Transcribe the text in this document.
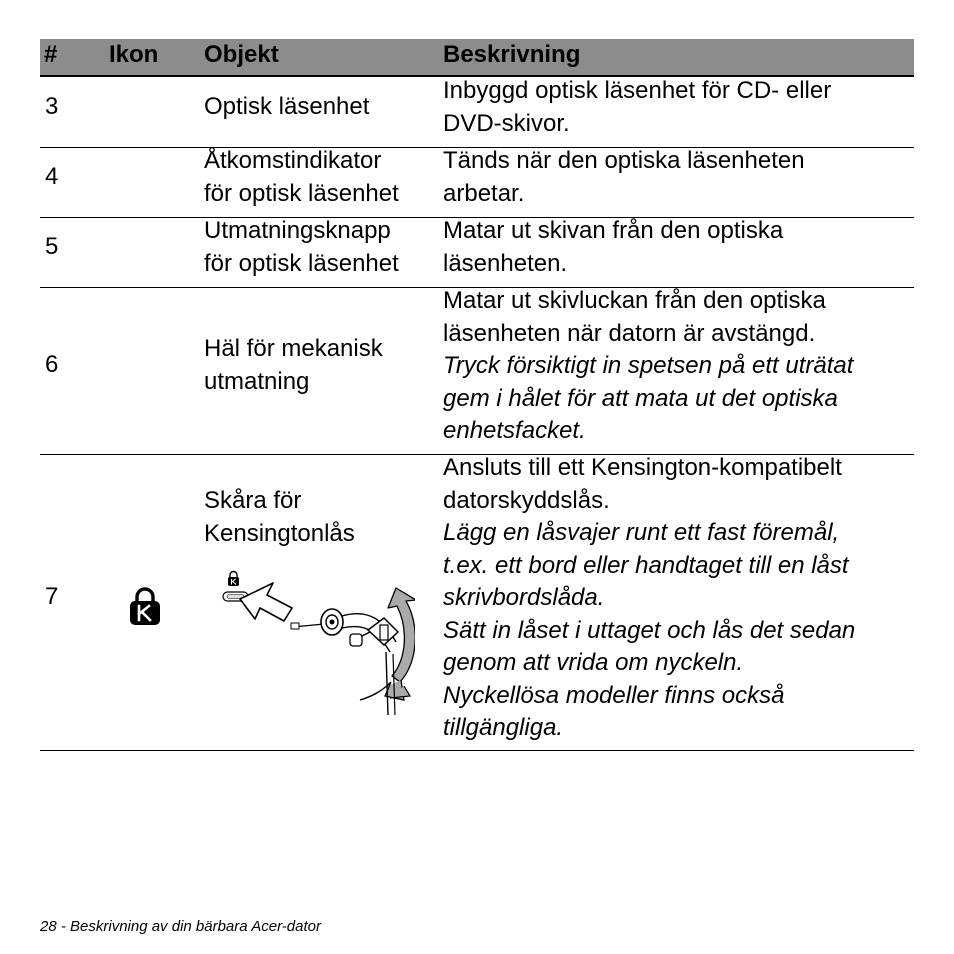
# Ikon Objekt	Beskrivning
3	Optisk läsenhet
Inbyggd optisk läsenhet för CD- eller
DVD-skivor.
4
Åtkomstindikator
för optisk läsenhet
Tänds när den optiska läsenheten
arbetar.
5
Utmatningsknapp
för optisk läsenhet
Matar ut skivan från den optiska
läsenheten.
6
Häl för mekanisk
utmatning
Matar ut skivluckan från den optiska
läsenheten när datorn är avstängd.
Tryck försiktigt in spetsen på ett uträtat
gem i hålet för att mata ut det optiska
enhetsfacket.
7
Skåra för
Kensingtonlås
Ansluts till ett Kensington-kompatibelt
datorskyddslås.
Lägg en låsvajer runt ett fast föremål,
t.ex. ett bord eller handtaget till en låst
skrivbordslåda.
Sätt in låset i uttaget och lås det sedan
genom att vrida om nyckeln.
Nyckellösa modeller finns också
tillgängliga.
28 - Beskrivning av din bärbara Acer-dator
